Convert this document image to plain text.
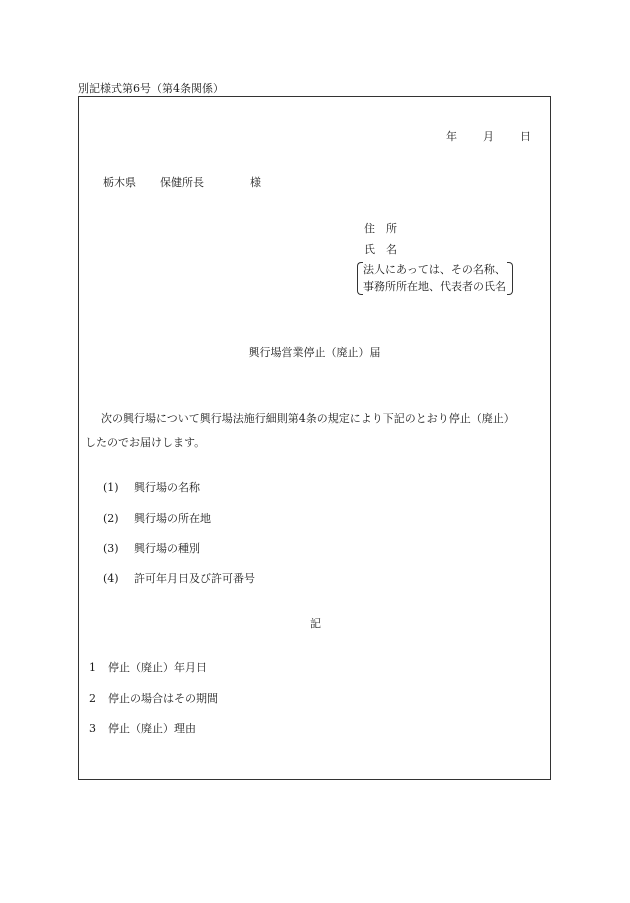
別記様式第6号（第4条関係）
年 月 日
栃木県 保健所長	様
住　所
氏　名
法人にあっては、その名称、
事務所所在地、代表者の氏名
興行場営業停止（廃止）届
次の興行場について興行場法施行細則第4条の規定により下記のとおり停止（廃止）
したのでお届けします。
(1) 興行場の名称
(2) 興行場の所在地
(3) 興行場の種別
(4) 許可年月日及び許可番号
記
1 停止（廃止）年月日
2 停止の場合はその期間
3 停止（廃止）理由
